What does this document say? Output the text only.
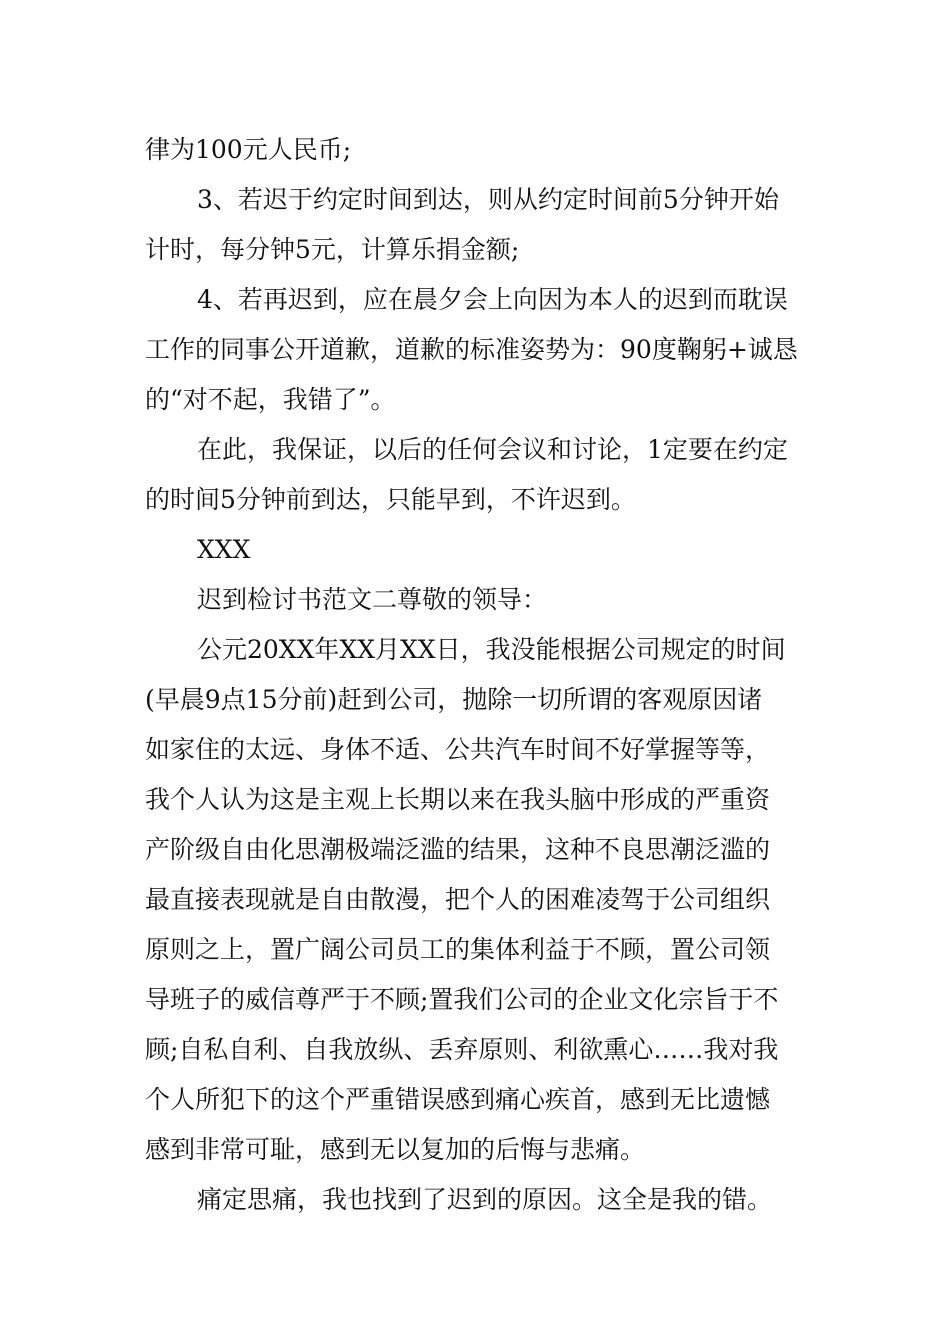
律为100元人民币;
3、若迟于约定时间到达，则从约定时间前5分钟开始
计时，每分钟5元，计算乐捐金额;
4、若再迟到，应在晨夕会上向因为本人的迟到而耽误
工作的同事公开道歉，道歉的标准姿势为：90度鞠躬+诚恳
的“对不起，我错了”。
在此，我保证，以后的任何会议和讨论，1定要在约定
的时间5分钟前到达，只能早到，不许迟到。
XXX
迟到检讨书范文二尊敬的领导：
公元20XX年XX月XX日，我没能根据公司规定的时间
(早晨9点15分前)赶到公司，抛除一切所谓的客观原因诸
如家住的太远、身体不适、公共汽车时间不好掌握等等，
我个人认为这是主观上长期以来在我头脑中形成的严重资
产阶级自由化思潮极端泛滥的结果，这种不良思潮泛滥的
最直接表现就是自由散漫，把个人的困难凌驾于公司组织
原则之上，置广阔公司员工的集体利益于不顾，置公司领
导班子的威信尊严于不顾;置我们公司的企业文化宗旨于不
顾;自私自利、自我放纵、丢弃原则、利欲熏心……我对我
个人所犯下的这个严重错误感到痛心疾首，感到无比遗憾
感到非常可耻，感到无以复加的后悔与悲痛。
痛定思痛，我也找到了迟到的原因。这全是我的错。
